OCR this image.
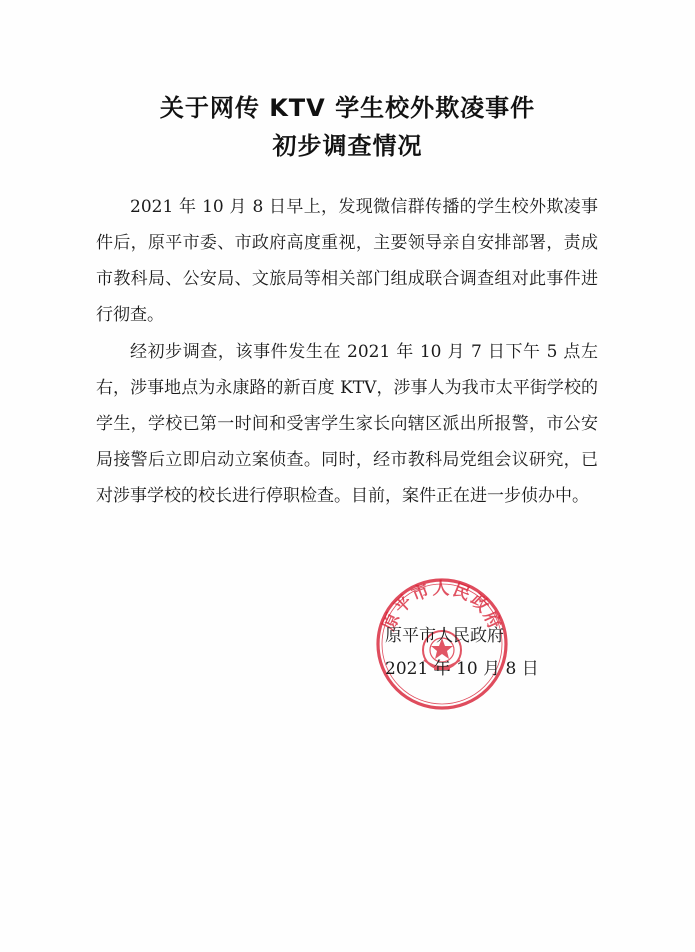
关于网传 KTV 学生校外欺凌事件
初步调查情况
2021 年 10 月 8 日早上，发现微信群传播的学生校外欺凌事件后，原平市委、市政府高度重视，主要领导亲自安排部署，责成市教科局、公安局、文旅局等相关部门组成联合调查组对此事件进行彻查。
经初步调查，该事件发生在 2021 年 10 月 7 日下午 5 点左右，涉事地点为永康路的新百度 KTV，涉事人为我市太平街学校的学生，学校已第一时间和受害学生家长向辖区派出所报警，市公安局接警后立即启动立案侦查。同时，经市教科局党组会议研究，已对涉事学校的校长进行停职检查。目前，案件正在进一步侦办中。
原平市人民政府
原平市人民政府
2021 年 10 月 8 日
